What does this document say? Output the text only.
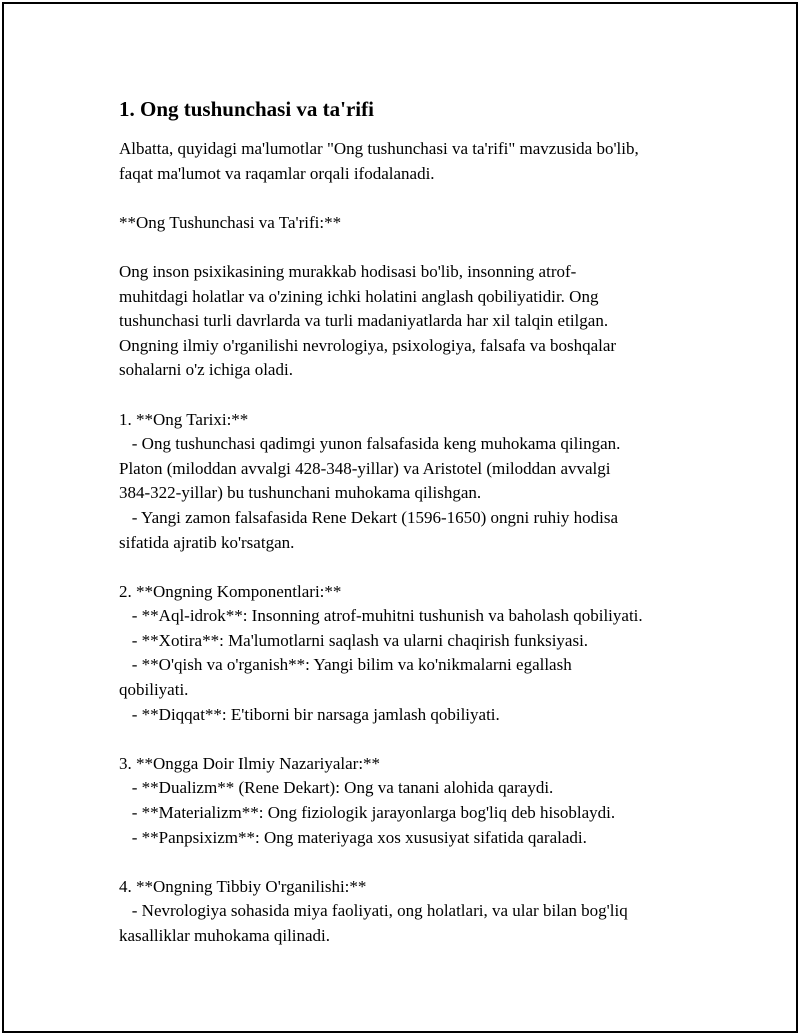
1. Ong tushunchasi va ta'rifi
Albatta, quyidagi ma'lumotlar "Ong tushunchasi va ta'rifi" mavzusida bo'lib,
faqat ma'lumot va raqamlar orqali ifodalanadi.
**Ong Tushunchasi va Ta'rifi:**
Ong inson psixikasining murakkab hodisasi bo'lib, insonning atrof-
muhitdagi holatlar va o'zining ichki holatini anglash qobiliyatidir. Ong
tushunchasi turli davrlarda va turli madaniyatlarda har xil talqin etilgan.
Ongning ilmiy o'rganilishi nevrologiya, psixologiya, falsafa va boshqalar
sohalarni o'z ichiga oladi.
1. **Ong Tarixi:**
- Ong tushunchasi qadimgi yunon falsafasida keng muhokama qilingan.
Platon (miloddan avvalgi 428-348-yillar) va Aristotel (miloddan avvalgi
384-322-yillar) bu tushunchani muhokama qilishgan.
- Yangi zamon falsafasida Rene Dekart (1596-1650) ongni ruhiy hodisa
sifatida ajratib ko'rsatgan.
2. **Ongning Komponentlari:**
- **Aql-idrok**: Insonning atrof-muhitni tushunish va baholash qobiliyati.
- **Xotira**: Ma'lumotlarni saqlash va ularni chaqirish funksiyasi.
- **O'qish va o'rganish**: Yangi bilim va ko'nikmalarni egallash
qobiliyati.
- **Diqqat**: E'tiborni bir narsaga jamlash qobiliyati.
3. **Ongga Doir Ilmiy Nazariyalar:**
- **Dualizm** (Rene Dekart): Ong va tanani alohida qaraydi.
- **Materializm**: Ong fiziologik jarayonlarga bog'liq deb hisoblaydi.
- **Panpsixizm**: Ong materiyaga xos xususiyat sifatida qaraladi.
4. **Ongning Tibbiy O'rganilishi:**
- Nevrologiya sohasida miya faoliyati, ong holatlari, va ular bilan bog'liq
kasalliklar muhokama qilinadi.
